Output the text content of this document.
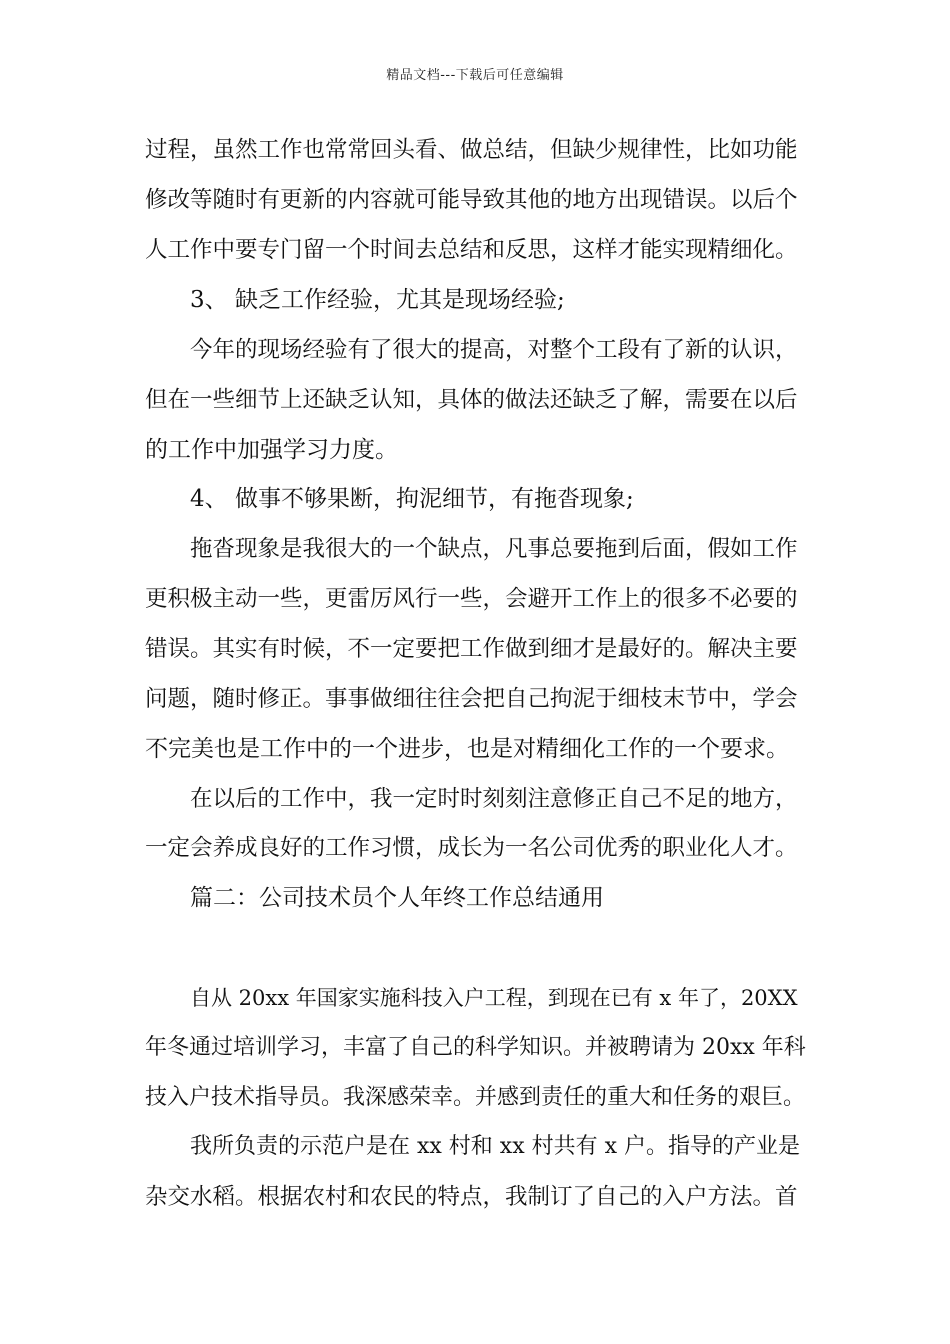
精品文档---下载后可任意编辑
过程，虽然工作也常常回头看、做总结，但缺少规律性，比如功能
修改等随时有更新的内容就可能导致其他的地方出现错误。以后个
人工作中要专门留一个时间去总结和反思，这样才能实现精细化。
3、 缺乏工作经验，尤其是现场经验;
今年的现场经验有了很大的提高，对整个工段有了新的认识，
但在一些细节上还缺乏认知，具体的做法还缺乏了解，需要在以后
的工作中加强学习力度。
4、 做事不够果断，拘泥细节，有拖沓现象;
拖沓现象是我很大的一个缺点，凡事总要拖到后面，假如工作
更积极主动一些，更雷厉风行一些，会避开工作上的很多不必要的
错误。其实有时候，不一定要把工作做到细才是最好的。解决主要
问题，随时修正。事事做细往往会把自己拘泥于细枝末节中，学会
不完美也是工作中的一个进步，也是对精细化工作的一个要求。
在以后的工作中，我一定时时刻刻注意修正自己不足的地方，
一定会养成良好的工作习惯，成长为一名公司优秀的职业化人才。
篇二：公司技术员个人年终工作总结通用
自从 20xx 年国家实施科技入户工程，到现在已有 x 年了，20XX
年冬通过培训学习，丰富了自己的科学知识。并被聘请为 20xx 年科
技入户技术指导员。我深感荣幸。并感到责任的重大和任务的艰巨。
我所负责的示范户是在 xx 村和 xx 村共有 x 户。指导的产业是
杂交水稻。根据农村和农民的特点，我制订了自己的入户方法。首
